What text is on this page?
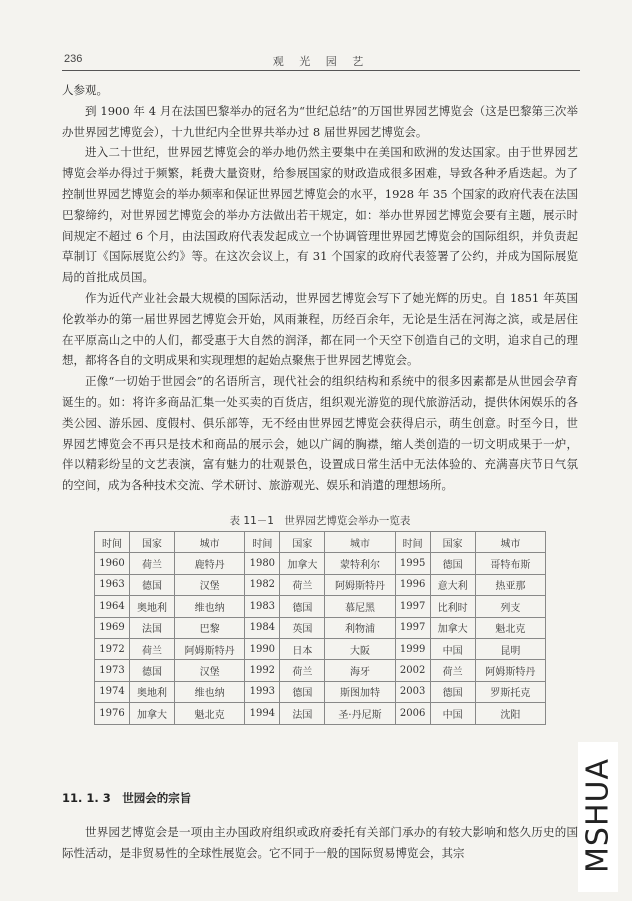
236	观 光 园 艺

人参观。

到 1900 年 4 月在法国巴黎举办的冠名为“世纪总结”的万国世界园艺博览会（这是巴黎第三次举办世界园艺博览会），十九世纪内全世界共举办过 8 届世界园艺博览会。

进入二十世纪，世界园艺博览会的举办地仍然主要集中在美国和欧洲的发达国家。由于世界园艺博览会举办得过于频繁，耗费大量资财，给参展国家的财政造成很多困难，导致各种矛盾迭起。为了控制世界园艺博览会的举办频率和保证世界园艺博览会的水平，1928 年 35 个国家的政府代表在法国巴黎缔约，对世界园艺博览会的举办方法做出若干规定，如：举办世界园艺博览会要有主题，展示时间规定不超过 6 个月，由法国政府代表发起成立一个协调管理世界园艺博览会的国际组织，并负责起草制订《国际展览公约》等。在这次会议上，有 31 个国家的政府代表签署了公约，并成为国际展览局的首批成员国。

作为近代产业社会最大规模的国际活动，世界园艺博览会写下了她光辉的历史。自 1851 年英国伦敦举办的第一届世界园艺博览会开始，风雨兼程，历经百余年，无论是生活在河海之滨，或是居住在平原高山之中的人们，都受惠于大自然的润泽，都在同一个天空下创造自己的文明，追求自己的理想，都将各自的文明成果和实现理想的起始点聚焦于世界园艺博览会。

正像“一切始于世园会”的名语所言，现代社会的组织结构和系统中的很多因素都是从世园会孕育诞生的。如：将许多商品汇集一处买卖的百货店，组织观光游览的现代旅游活动，提供休闲娱乐的各类公园、游乐园、度假村、俱乐部等，无不经由世界园艺博览会获得启示，萌生创意。时至今日，世界园艺博览会不再只是技术和商品的展示会，她以广阔的胸襟，缩人类创造的一切文明成果于一炉，伴以精彩纷呈的文艺表演，富有魅力的壮观景色，设置成日常生活中无法体验的、充满喜庆节日气氛的空间，成为各种技术交流、学术研讨、旅游观光、娱乐和消遣的理想场所。

表 11－1　世界园艺博览会举办一览表
时间	国家	城市	时间	国家	城市	时间	国家	城市
1960	荷兰	鹿特丹	1980	加拿大	蒙特利尔	1995	德国	哥特布斯
1963	德国	汉堡	1982	荷兰	阿姆斯特丹	1996	意大利	热亚那
1964	奥地利	维也纳	1983	德国	慕尼黑	1997	比利时	列支
1969	法国	巴黎	1984	英国	利物浦	1997	加拿大	魁北克
1972	荷兰	阿姆斯特丹	1990	日本	大阪	1999	中国	昆明
1973	德国	汉堡	1992	荷兰	海牙	2002	荷兰	阿姆斯特丹
1974	奥地利	维也纳	1993	德国	斯图加特	2003	德国	罗斯托克
1976	加拿大	魁北克	1994	法国	圣·丹尼斯	2006	中国	沈阳
11. 1. 3　世园会的宗旨

世界园艺博览会是一项由主办国政府组织或政府委托有关部门承办的有较大影响和悠久历史的国际性活动，是非贸易性的全球性展览会。它不同于一般的国际贸易博览会，其宗	MSHUA
